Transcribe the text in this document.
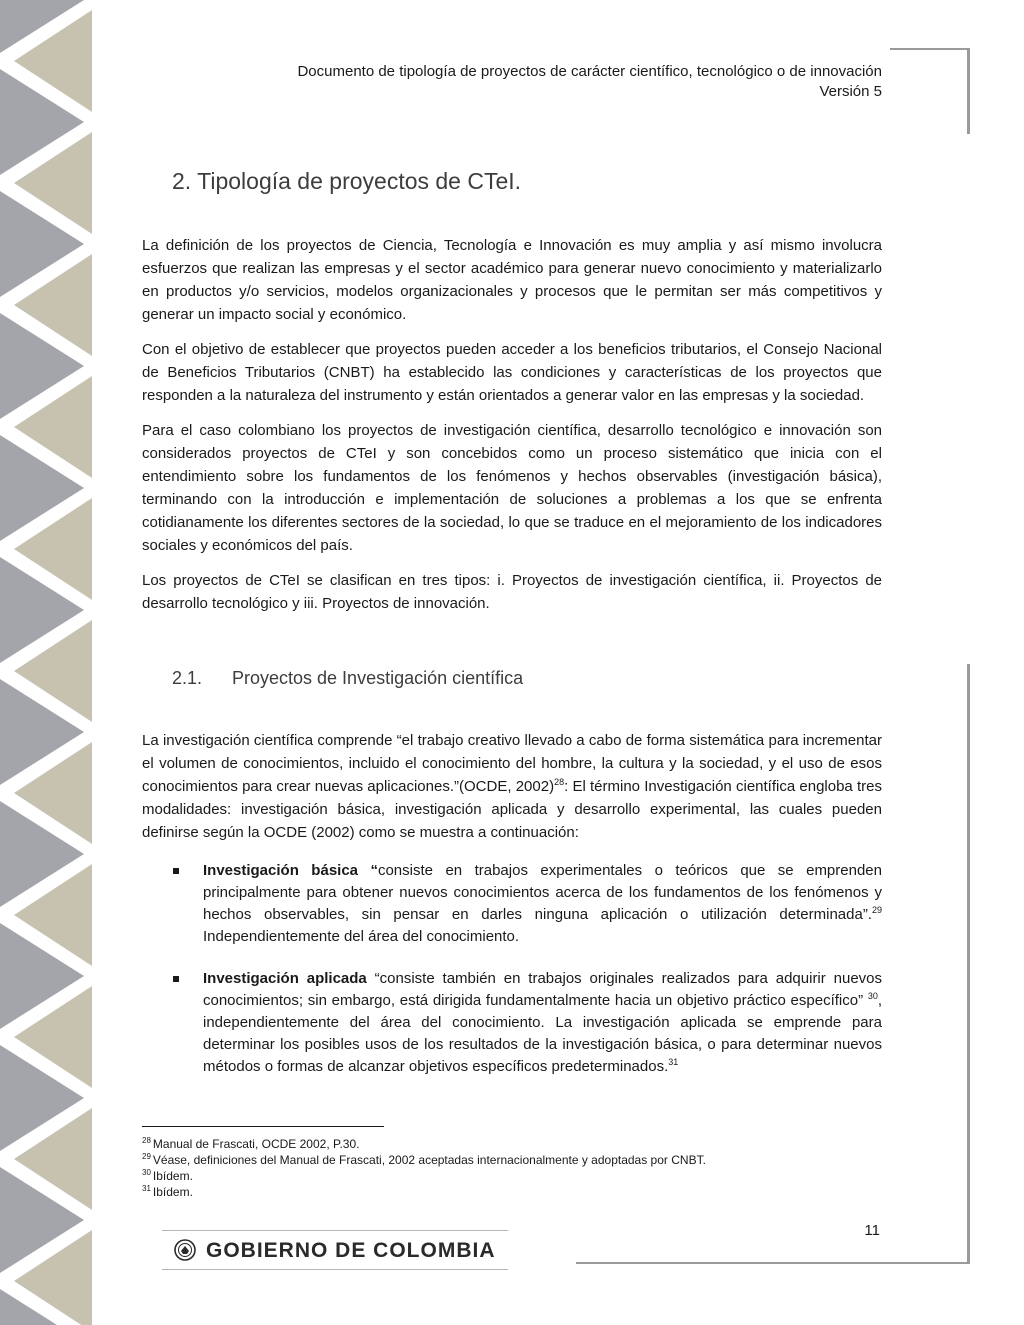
Documento de tipología de proyectos de carácter científico, tecnológico o de innovación
Versión 5
2. Tipología de proyectos de CTeI.

La definición de los proyectos de Ciencia, Tecnología e Innovación es muy amplia y así mismo involucra esfuerzos que realizan las empresas y el sector académico para generar nuevo conocimiento y materializarlo en productos y/o servicios, modelos organizacionales y procesos que le permitan ser más competitivos y generar un impacto social y económico.

Con el objetivo de establecer que proyectos pueden acceder a los beneficios tributarios, el Consejo Nacional de Beneficios Tributarios (CNBT) ha establecido las condiciones y características de los proyectos que responden a la naturaleza del instrumento y están orientados a generar valor en las empresas y la sociedad.

Para el caso colombiano los proyectos de investigación científica, desarrollo tecnológico e innovación son considerados proyectos de CTeI y son concebidos como un proceso sistemático que inicia con el entendimiento sobre los fundamentos de los fenómenos y hechos observables (investigación básica), terminando con la introducción e implementación de soluciones a problemas a los que se enfrenta cotidianamente los diferentes sectores de la sociedad, lo que se traduce en el mejoramiento de los indicadores sociales y económicos del país.

Los proyectos de CTeI se clasifican en tres tipos: i. Proyectos de investigación científica, ii. Proyectos de desarrollo tecnológico y iii. Proyectos de innovación.

2.1. Proyectos de Investigación científica

La investigación científica comprende “el trabajo creativo llevado a cabo de forma sistemática para incrementar el volumen de conocimientos, incluido el conocimiento del hombre, la cultura y la sociedad, y el uso de esos conocimientos para crear nuevas aplicaciones.”(OCDE, 2002)$^{28}$: El término Investigación científica engloba tres modalidades: investigación básica, investigación aplicada y desarrollo experimental, las cuales pueden definirse según la OCDE (2002) como se muestra a continuación:

Investigación básica “consiste en trabajos experimentales o teóricos que se emprenden principalmente para obtener nuevos conocimientos acerca de los fundamentos de los fenómenos y hechos observables, sin pensar en darles ninguna aplicación o utilización determinada”.$^{29}$ Independientemente del área del conocimiento.
Investigación aplicada “consiste también en trabajos originales realizados para adquirir nuevos conocimientos; sin embargo, está dirigida fundamentalmente hacia un objetivo práctico específico” $^{30}$, independientemente del área del conocimiento. La investigación aplicada se emprende para determinar los posibles usos de los resultados de la investigación básica, o para determinar nuevos métodos o formas de alcanzar objetivos específicos predeterminados.$^{31}$
$^{28}$ Manual de Frascati, OCDE 2002, P.30.
$^{29}$ Véase, definiciones del Manual de Frascati, 2002 aceptadas internacionalmente y adoptadas por CNBT.
$^{30}$ Ibídem.
$^{31}$ Ibídem.
11
GOBIERNO DE COLOMBIA
